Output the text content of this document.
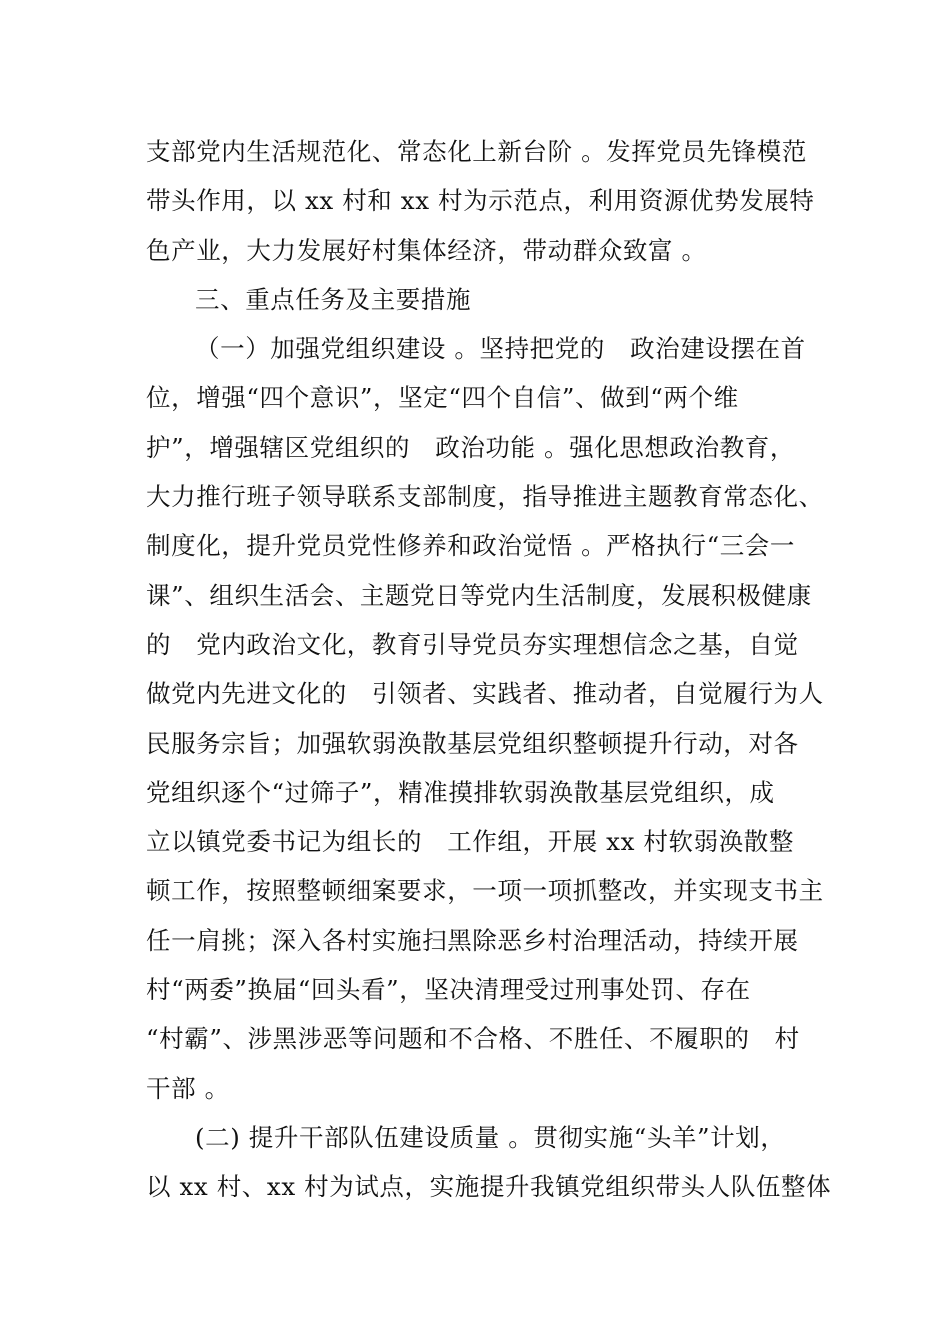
支部党内生活规范化、常态化上新台阶 。发挥党员先锋模范
带头作用，以 xx 村和 xx 村为示范点，利用资源优势发展特
色产业，大力发展好村集体经济，带动群众致富 。
三、重点任务及主要措施
（一）加强党组织建设 。坚持把党的　政治建设摆在首
位，增强“四个意识”，坚定“四个自信”、做到“两个维
护”，增强辖区党组织的　政治功能 。强化思想政治教育，
大力推行班子领导联系支部制度，指导推进主题教育常态化、
制度化，提升党员党性修养和政治觉悟 。严格执行“三会一
课”、组织生活会、主题党日等党内生活制度，发展积极健康
的　党内政治文化，教育引导党员夯实理想信念之基，自觉
做党内先进文化的　引领者、实践者、推动者，自觉履行为人
民服务宗旨；加强软弱涣散基层党组织整顿提升行动，对各
党组织逐个“过筛子”，精准摸排软弱涣散基层党组织，成
立以镇党委书记为组长的　工作组，开展 xx 村软弱涣散整
顿工作，按照整顿细案要求，一项一项抓整改，并实现支书主
任一肩挑；深入各村实施扫黑除恶乡村治理活动，持续开展
村“两委”换届“回头看”，坚决清理受过刑事处罚、存在
“村霸”、涉黑涉恶等问题和不合格、不胜任、不履职的　村
干部 。
(二) 提升干部队伍建设质量 。贯彻实施“头羊”计划，
以 xx 村、xx 村为试点，实施提升我镇党组织带头人队伍整体
